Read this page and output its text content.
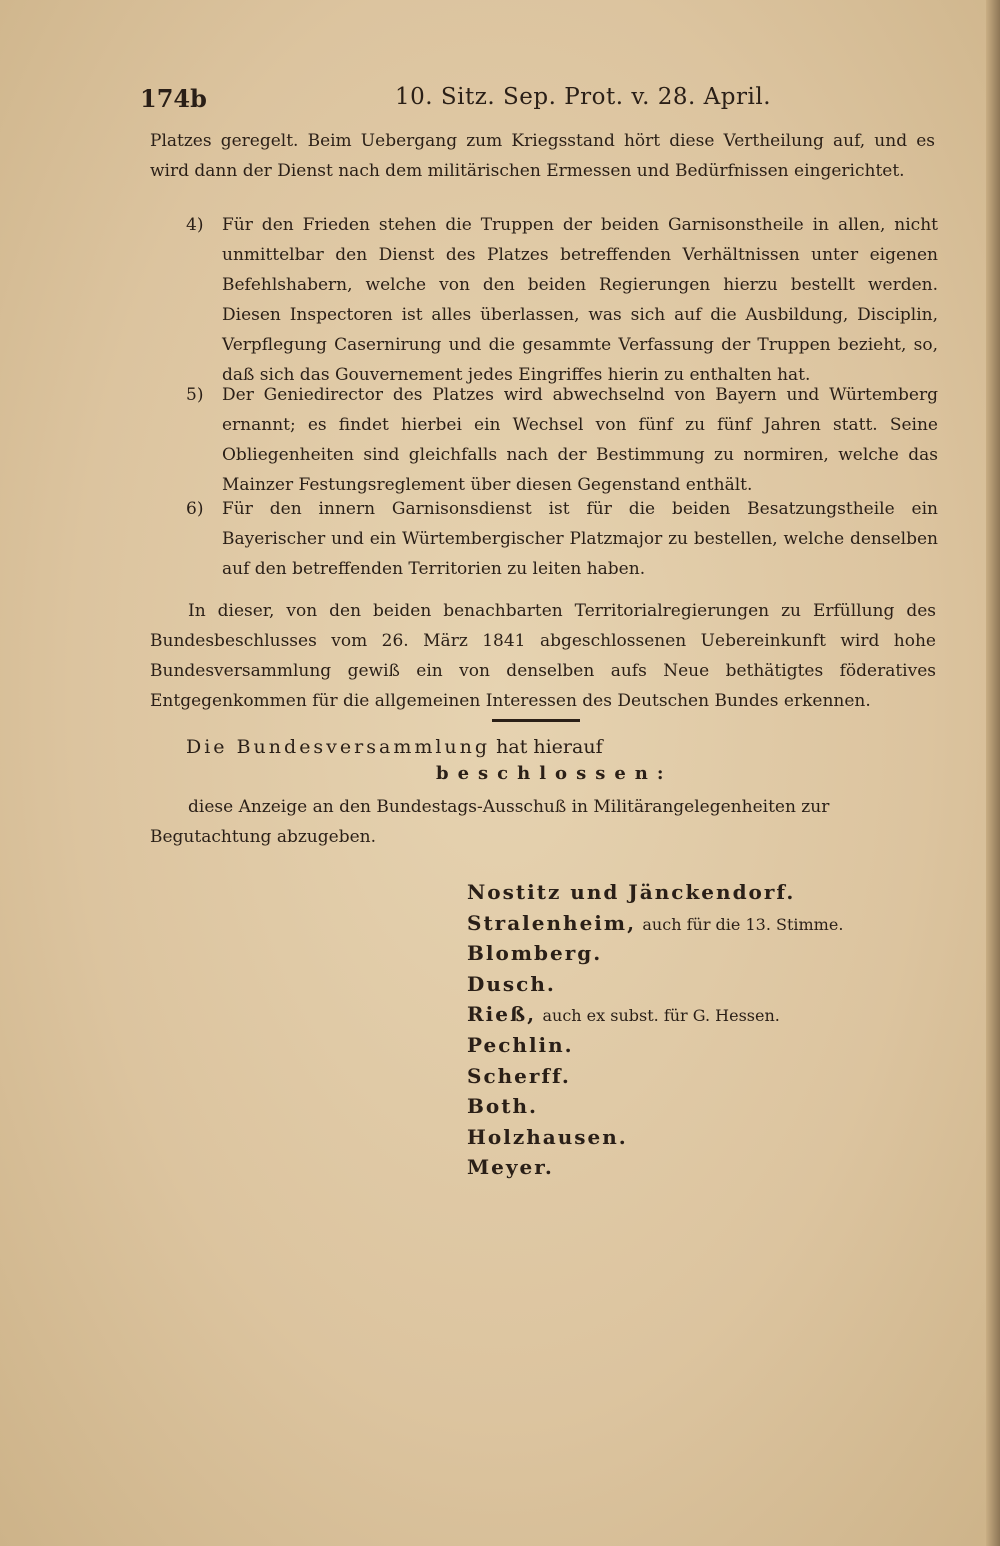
174b	10. Sitz. Sep. Prot. v. 28. April.
Platzes geregelt. Beim Uebergang zum Kriegsstand hört diese Vertheilung auf, und es wird dann der Dienst nach dem militärischen Ermessen und Bedürfnissen eingerichtet.
4)	Für den Frieden stehen die Truppen der beiden Garnisonstheile in allen, nicht unmittelbar den Dienst des Platzes betreffenden Verhältnissen unter eigenen Befehlshabern, welche von den beiden Regierungen hierzu bestellt werden. Diesen Inspectoren ist alles überlassen, was sich auf die Ausbildung, Disciplin, Verpflegung Casernirung und die gesammte Verfassung der Truppen bezieht, so, daß sich das Gouvernement jedes Eingriffes hierin zu enthalten hat.
5)	Der Geniedirector des Platzes wird abwechselnd von Bayern und Würtemberg ernannt; es findet hierbei ein Wechsel von fünf zu fünf Jahren statt. Seine Obliegenheiten sind gleichfalls nach der Bestimmung zu normiren, welche das Mainzer Festungsreglement über diesen Gegenstand enthält.
6)	Für den innern Garnisonsdienst ist für die beiden Besatzungstheile ein Bayerischer und ein Würtembergischer Platzmajor zu bestellen, welche denselben auf den betreffenden Territorien zu leiten haben.
In dieser, von den beiden benachbarten Territorialregierungen zu Erfüllung des Bundesbeschlusses vom 26. März 1841 abgeschlossenen Uebereinkunft wird hohe Bundesversammlung gewiß ein von denselben aufs Neue bethätigtes föderatives Entgegenkommen für die allgemeinen Interessen des Deutschen Bundes erkennen.
Die Bundesversammlung hat hierauf
beschlossen:
diese Anzeige an den Bundestags-Ausschuß in Militärangelegenheiten zur Begutachtung abzugeben.
Nostitz und Jänckendorf.
Stralenheim, auch für die 13. Stimme.
Blomberg.
Dusch.
Rieß, auch ex subst. für G. Hessen.
Pechlin.
Scherff.
Both.
Holzhausen.
Meyer.
